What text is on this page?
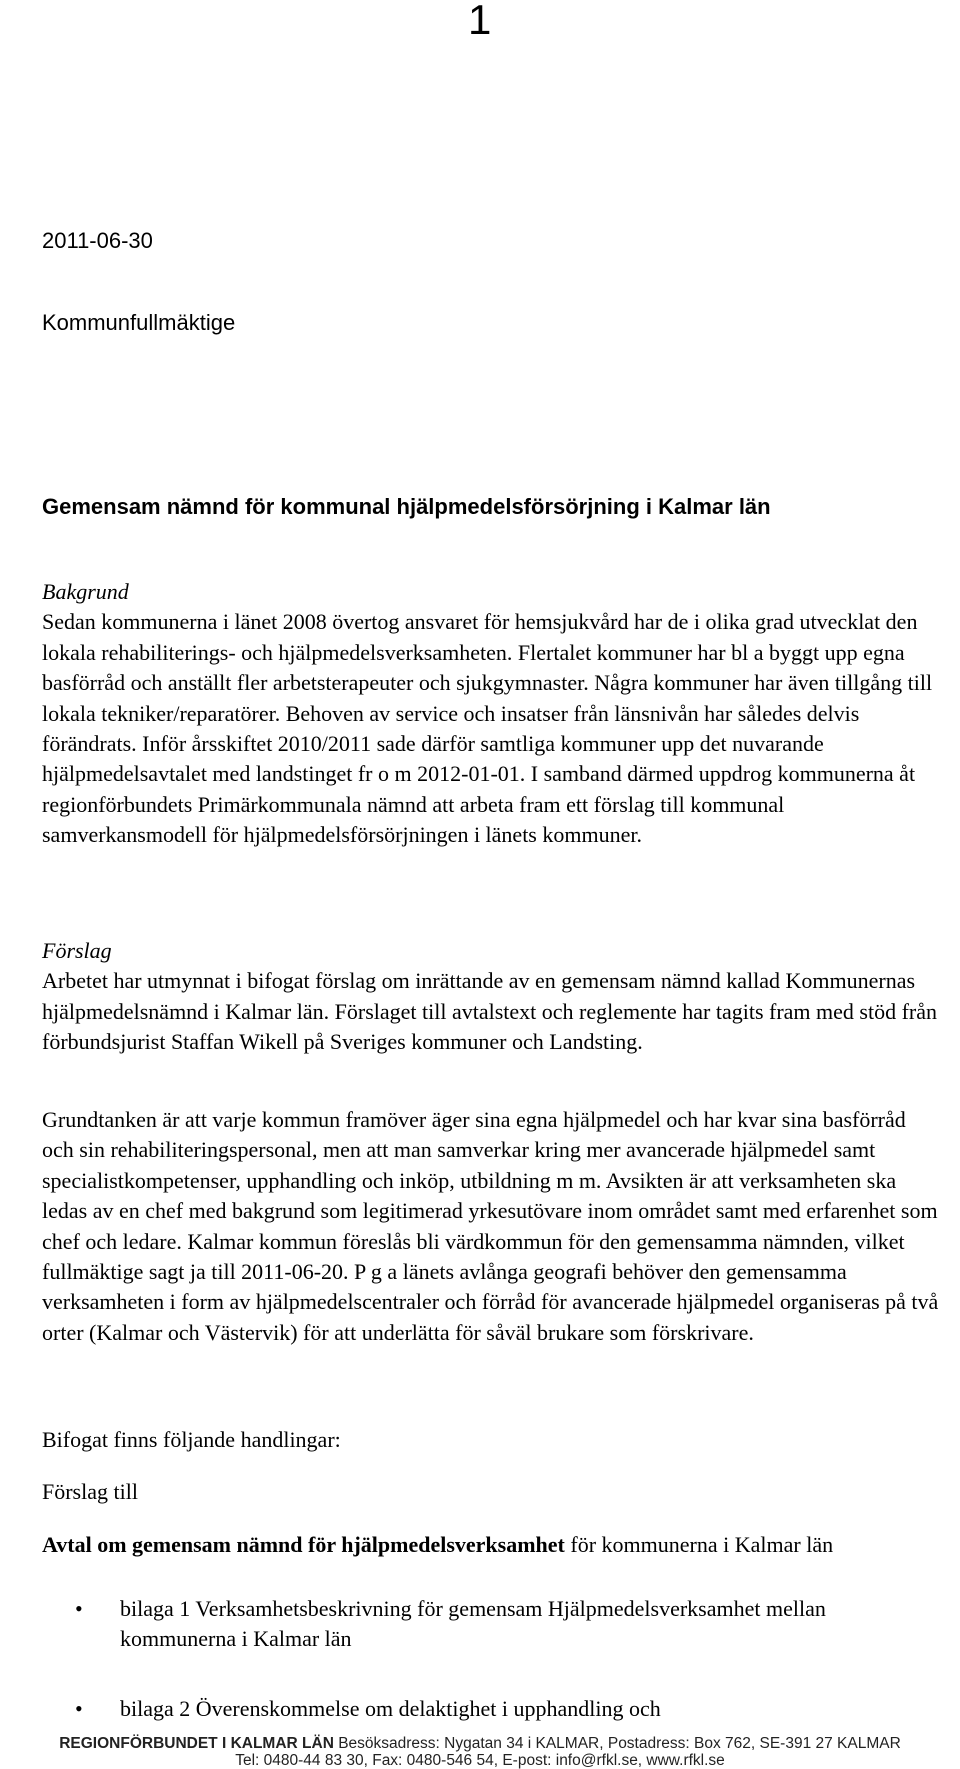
1
2011-06-30
Kommunfullmäktige
Gemensam nämnd för kommunal hjälpmedelsförsörjning i Kalmar län
Bakgrund
Sedan kommunerna i länet 2008 övertog ansvaret för hemsjukvård har de i olika grad utvecklat den lokala rehabiliterings- och hjälpmedelsverksamheten. Flertalet kommuner har bl a byggt upp egna basförråd och anställt fler arbetsterapeuter och sjukgymnaster. Några kommuner har även tillgång till lokala tekniker/reparatörer. Behoven av service och insatser från länsnivån har således delvis förändrats. Inför årsskiftet 2010/2011 sade därför samtliga kommuner upp det nuvarande hjälpmedelsavtalet med landstinget fr o m 2012-01-01. I samband därmed uppdrog kommunerna åt regionförbundets Primärkommunala nämnd att arbeta fram ett förslag till kommunal samverkansmodell för hjälpmedelsförsörjningen i länets kommuner.
Förslag
Arbetet har utmynnat i bifogat förslag om inrättande av en gemensam nämnd kallad Kommunernas hjälpmedelsnämnd i Kalmar län. Förslaget till avtalstext och reglemente har tagits fram med stöd från förbundsjurist Staffan Wikell på Sveriges kommuner och Landsting.
Grundtanken är att varje kommun framöver äger sina egna hjälpmedel och har kvar sina basförråd och sin rehabiliteringspersonal, men att man samverkar kring mer avancerade hjälpmedel samt specialistkompetenser, upphandling och inköp, utbildning m m. Avsikten är att verksamheten ska ledas av en chef med bakgrund som legitimerad yrkesutövare inom området samt med erfarenhet som chef och ledare. Kalmar kommun föreslås bli värdkommun för den gemensamma nämnden, vilket fullmäktige sagt ja till 2011-06-20. P g a länets avlånga geografi behöver den gemensamma verksamheten i form av hjälpmedelscentraler och förråd för avancerade hjälpmedel organiseras på två orter (Kalmar och Västervik) för att underlätta för såväl brukare som förskrivare.
Bifogat finns följande handlingar:
Förslag till
Avtal om gemensam nämnd för hjälpmedelsverksamhet för kommunerna i Kalmar län
• bilaga 1 Verksamhetsbeskrivning för gemensam Hjälpmedelsverksamhet mellan kommunerna i Kalmar län
• bilaga 2 Överenskommelse om delaktighet i upphandling och
REGIONFÖRBUNDET I KALMAR LÄN Besöksadress: Nygatan 34 i KALMAR, Postadress: Box 762, SE-391 27 KALMAR
Tel: 0480-44 83 30, Fax: 0480-546 54, E-post: info@rfkl.se, www.rfkl.se
